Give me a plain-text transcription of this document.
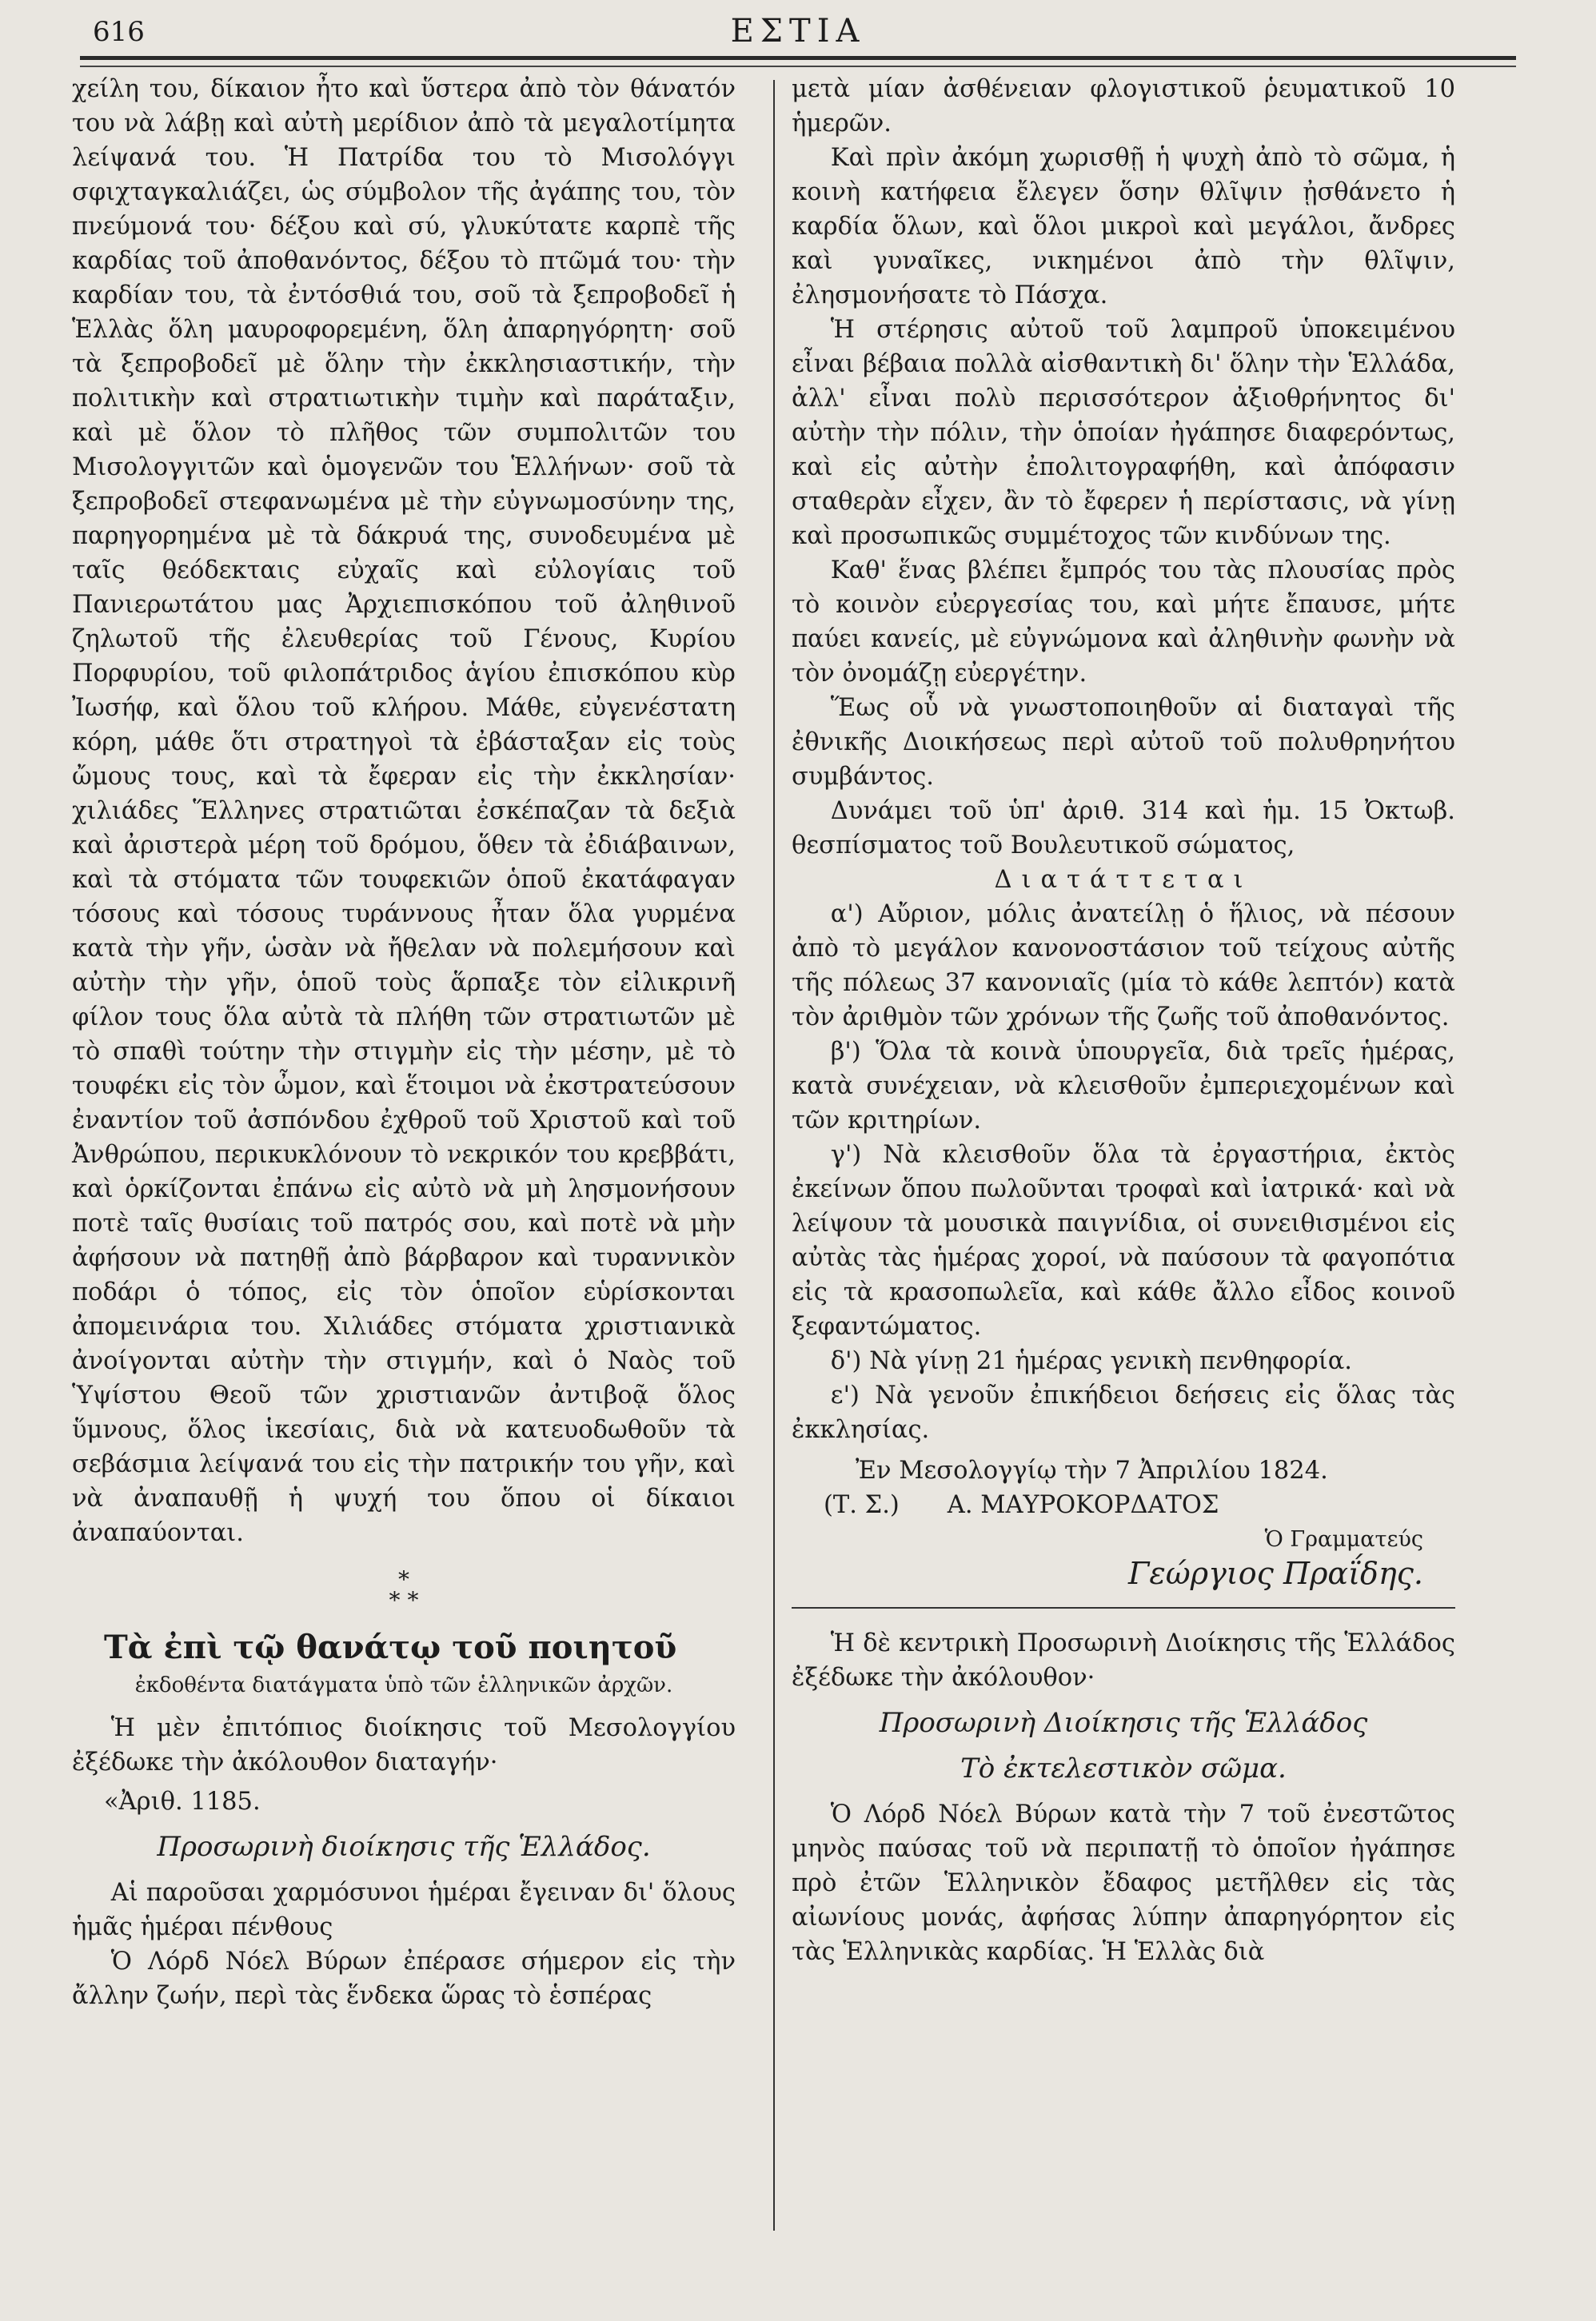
616	ΕΣΤΙΑ

χείλη του, δίκαιον ἦτο καὶ ὕστερα ἀπὸ τὸν θάνατόν του νὰ λάβῃ καὶ αὐτὴ μερίδιον ἀπὸ τὰ μεγαλοτίμητα λείψανά του. Ἡ Πατρίδα του τὸ Μισολόγγι σφιχταγκαλιάζει, ὡς σύμβολον τῆς ἀγάπης του, τὸν πνεύμονά του· δέξου καὶ σύ, γλυκύτατε καρπὲ τῆς καρδίας τοῦ ἀποθανόντος, δέξου τὸ πτῶμά του· τὴν καρδίαν του, τὰ ἐντόσθιά του, σοῦ τὰ ξεπροβοδεῖ ἡ Ἑλλὰς ὅλη μαυροφορεμένη, ὅλη ἀπαρηγόρητη· σοῦ τὰ ξεπροβοδεῖ μὲ ὅλην τὴν ἐκκλησιαστικήν, τὴν πολιτικὴν καὶ στρατιωτικὴν τιμὴν καὶ παράταξιν, καὶ μὲ ὅλον τὸ πλῆθος τῶν συμπολιτῶν του Μισολογγιτῶν καὶ ὁμογενῶν του Ἑλλήνων· σοῦ τὰ ξεπροβοδεῖ στεφανωμένα μὲ τὴν εὐγνωμοσύνην της, παρηγορημένα μὲ τὰ δάκρυά της, συνοδευμένα μὲ ταῖς θεόδεκταις εὐχαῖς καὶ εὐλογίαις τοῦ Πανιερωτάτου μας Ἀρχιεπισκόπου τοῦ ἀληθινοῦ ζηλωτοῦ τῆς ἐλευθερίας τοῦ Γένους, Κυρίου Πορφυρίου, τοῦ φιλοπάτριδος ἁγίου ἐπισκόπου κὺρ Ἰωσήφ, καὶ ὅλου τοῦ κλήρου. Μάθε, εὐγενέστατη κόρη, μάθε ὅτι στρατηγοὶ τὰ ἐβάσταξαν εἰς τοὺς ὤμους τους, καὶ τὰ ἔφεραν εἰς τὴν ἐκκλησίαν· χιλιάδες Ἕλληνες στρατιῶται ἐσκέπαζαν τὰ δεξιὰ καὶ ἀριστερὰ μέρη τοῦ δρόμου, ὅθεν τὰ ἐδιάβαινων, καὶ τὰ στόματα τῶν τουφεκιῶν ὁποῦ ἐκατάφαγαν τόσους καὶ τόσους τυράννους ἦταν ὅλα γυρμένα κατὰ τὴν γῆν, ὡσὰν νὰ ἤθελαν νὰ πολεμήσουν καὶ αὐτὴν τὴν γῆν, ὁποῦ τοὺς ἅρπαξε τὸν εἰλικρινῆ φίλον τους ὅλα αὐτὰ τὰ πλήθη τῶν στρατιωτῶν μὲ τὸ σπαθὶ τούτην τὴν στιγμὴν εἰς τὴν μέσην, μὲ τὸ τουφέκι εἰς τὸν ὦμον, καὶ ἕτοιμοι νὰ ἐκστρατεύσουν ἐναντίον τοῦ ἀσπόνδου ἐχθροῦ τοῦ Χριστοῦ καὶ τοῦ Ἀνθρώπου, περικυκλόνουν τὸ νεκρικόν του κρεββάτι, καὶ ὁρκίζονται ἐπάνω εἰς αὐτὸ νὰ μὴ λησμονήσουν ποτὲ ταῖς θυσίαις τοῦ πατρός σου, καὶ ποτὲ νὰ μὴν ἀφήσουν νὰ πατηθῇ ἀπὸ βάρβαρον καὶ τυραννικὸν ποδάρι ὁ τόπος, εἰς τὸν ὁποῖον εὑρίσκονται ἀπομεινάρια του. Χιλιάδες στόματα χριστιανικὰ ἀνοίγονται αὐτὴν τὴν στιγμήν, καὶ ὁ Ναὸς τοῦ Ὑψίστου Θεοῦ τῶν χριστιανῶν ἀντιβοᾷ ὅλος ὕμνους, ὅλος ἱκεσίαις, διὰ νὰ κατευοδωθοῦν τὰ σεβάσμια λείψανά του εἰς τὴν πατρικήν του γῆν, καὶ νὰ ἀναπαυθῇ ἡ ψυχή του ὅπου οἱ δίκαιοι ἀναπαύονται.

*
* *
Τὰ ἐπὶ τῷ θανάτῳ τοῦ ποιητοῦ
ἐκδοθέντα διατάγματα ὑπὸ τῶν ἑλληνικῶν ἀρχῶν.

Ἡ μὲν ἐπιτόπιος διοίκησις τοῦ Μεσολογγίου ἐξέδωκε τὴν ἀκόλουθον διαταγήν·

«Ἀριθ. 1185.
Προσωρινὴ διοίκησις τῆς Ἑλλάδος.

Αἱ παροῦσαι χαρμόσυνοι ἡμέραι ἔγειναν δι' ὅλους ἡμᾶς ἡμέραι πένθους

Ὁ Λόρδ Νόελ Βύρων ἐπέρασε σήμερον εἰς τὴν ἄλλην ζωήν, περὶ τὰς ἕνδεκα ὥρας τὸ ἑσπέρας

μετὰ μίαν ἀσθένειαν φλογιστικοῦ ῥευματικοῦ 10 ἡμερῶν.

Καὶ πρὶν ἀκόμη χωρισθῇ ἡ ψυχὴ ἀπὸ τὸ σῶμα, ἡ κοινὴ κατήφεια ἔλεγεν ὅσην θλῖψιν ᾐσθάνετο ἡ καρδία ὅλων, καὶ ὅλοι μικροὶ καὶ μεγάλοι, ἄνδρες καὶ γυναῖκες, νικημένοι ἀπὸ τὴν θλῖψιν, ἐλησμονήσατε τὸ Πάσχα.

Ἡ στέρησις αὐτοῦ τοῦ λαμπροῦ ὑποκειμένου εἶναι βέβαια πολλὰ αἰσθαντικὴ δι' ὅλην τὴν Ἑλλάδα, ἀλλ' εἶναι πολὺ περισσότερον ἀξιοθρήνητος δι' αὐτὴν τὴν πόλιν, τὴν ὁποίαν ἠγάπησε διαφερόντως, καὶ εἰς αὐτὴν ἐπολιτογραφήθη, καὶ ἀπόφασιν σταθερὰν εἶχεν, ἂν τὸ ἔφερεν ἡ περίστασις, νὰ γίνῃ καὶ προσωπικῶς συμμέτοχος τῶν κινδύνων της.

Καθ' ἕνας βλέπει ἔμπρός του τὰς πλουσίας πρὸς τὸ κοινὸν εὐεργεσίας του, καὶ μήτε ἔπαυσε, μήτε παύει κανείς, μὲ εὐγνώμονα καὶ ἀληθινὴν φωνὴν νὰ τὸν ὀνομάζῃ εὐεργέτην.

Ἕως οὗ νὰ γνωστοποιηθοῦν αἱ διαταγαὶ τῆς ἐθνικῆς Διοικήσεως περὶ αὐτοῦ τοῦ πολυθρηνήτου συμβάντος.

Δυνάμει τοῦ ὑπ' ἀριθ. 314 καὶ ἡμ. 15 Ὀκτωβ. θεσπίσματος τοῦ Βουλευτικοῦ σώματος,

Διατάττεται

α') Αὔριον, μόλις ἀνατείλῃ ὁ ἥλιος, νὰ πέσουν ἀπὸ τὸ μεγάλον κανονοστάσιον τοῦ τείχους αὐτῆς τῆς πόλεως 37 κανονιαῖς (μία τὸ κάθε λεπτόν) κατὰ τὸν ἀριθμὸν τῶν χρόνων τῆς ζωῆς τοῦ ἀποθανόντος.

β') Ὅλα τὰ κοινὰ ὑπουργεῖα, διὰ τρεῖς ἡμέρας, κατὰ συνέχειαν, νὰ κλεισθοῦν ἐμπεριεχομένων καὶ τῶν κριτηρίων.

γ') Νὰ κλεισθοῦν ὅλα τὰ ἐργαστήρια, ἐκτὸς ἐκείνων ὅπου πωλοῦνται τροφαὶ καὶ ἰατρικά· καὶ νὰ λείψουν τὰ μουσικὰ παιγνίδια, οἱ συνειθισμένοι εἰς αὐτὰς τὰς ἡμέρας χοροί, νὰ παύσουν τὰ φαγοπότια εἰς τὰ κρασοπωλεῖα, καὶ κάθε ἄλλο εἶδος κοινοῦ ξεφαντώματος.

δ') Νὰ γίνῃ 21 ἡμέρας γενικὴ πενθηφορία.

ε') Νὰ γενοῦν ἐπικήδειοι δεήσεις εἰς ὅλας τὰς ἐκκλησίας.

Ἐν Μεσολογγίῳ τὴν 7 Ἀπριλίου 1824.
(Τ. Σ.) Α. ΜΑΥΡΟΚΟΡΔΑΤΟΣ
Ὁ Γραμματεύς
Γεώργιος Πραΐδης.

Ἡ δὲ κεντρικὴ Προσωρινὴ Διοίκησις τῆς Ἑλλάδος ἐξέδωκε τὴν ἀκόλουθον·

Προσωρινὴ Διοίκησις τῆς Ἑλλάδος
Τὸ ἐκτελεστικὸν σῶμα.

Ὁ Λόρδ Νόελ Βύρων κατὰ τὴν 7 τοῦ ἐνεστῶτος μηνὸς παύσας τοῦ νὰ περιπατῇ τὸ ὁποῖον ἠγάπησε πρὸ ἐτῶν Ἑλληνικὸν ἔδαφος μετῆλθεν εἰς τὰς αἰωνίους μονάς, ἀφήσας λύπην ἀπαρηγόρητον εἰς τὰς Ἑλληνικὰς καρδίας. Ἡ Ἑλλὰς διὰ
